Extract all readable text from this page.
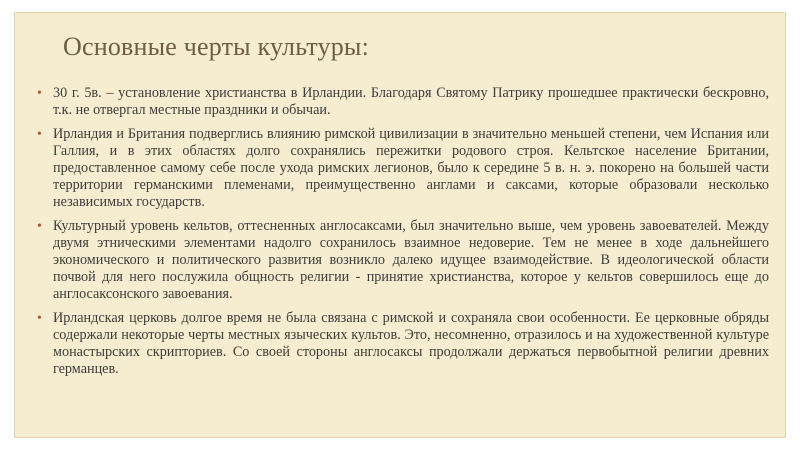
Основные черты культуры:
• 30 г. 5в. – установление христианства в Ирландии. Благодаря Святому Патрику прошедшее практически бескровно, т.к. не отвергал местные праздники и обычаи.
• Ирландия и Британия подверглись влиянию римской цивилизации в значительно меньшей степени, чем Испания или Галлия, и в этих областях долго сохранялись пережитки родового строя. Кельтское население Британии, предоставленное самому себе после ухода римских легионов, было к середине 5 в. н. э. покорено на большей части территории германскими племенами, преимущественно англами и саксами, которые образовали несколько независимых государств.
• Культурный уровень кельтов, оттесненных англосаксами, был значительно выше, чем уровень завоевателей. Между двумя этническими элементами надолго сохранилось взаимное недоверие. Тем не менее в ходе дальнейшего экономического и политического развития возникло далеко идущее взаимодействие. В идеологической области почвой для него послужила общность религии - принятие христианства, которое у кельтов совершилось еще до англосаксонского завоевания.
• Ирландская церковь долгое время не была связана с римской и сохраняла свои особенности. Ее церковные обряды содержали некоторые черты местных языческих культов. Это, несомненно, отразилось и на художественной культуре монастырских скрипториев. Со своей стороны англосаксы продолжали держаться первобытной религии древних германцев.
